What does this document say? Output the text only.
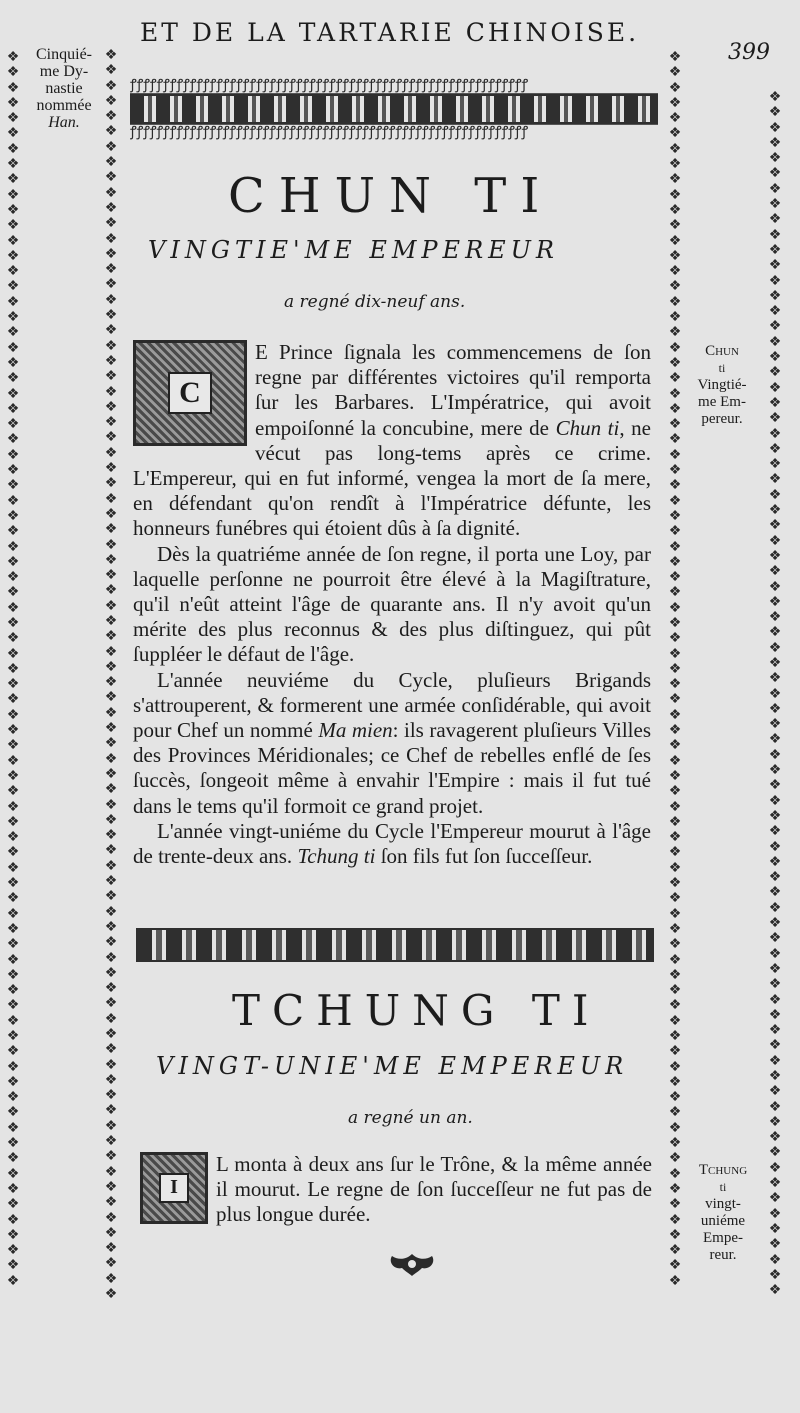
ET DE LA TARTARIE CHINOISE.
399
❖
❖
❖
❖
❖
❖
❖
❖
❖
❖
❖
❖
❖
❖
❖
❖
❖
❖
❖
❖
❖
❖
❖
❖
❖
❖
❖
❖
❖
❖
❖
❖
❖
❖
❖
❖
❖
❖
❖
❖
❖
❖
❖
❖
❖
❖
❖
❖
❖
❖
❖
❖
❖
❖
❖
❖
❖
❖
❖
❖
❖
❖
❖
❖
❖
❖
❖
❖
❖
❖
❖
❖
❖
❖
❖
❖
❖
❖
❖
❖
❖
❖
❖
❖
❖
❖
❖
❖
❖
❖
❖
❖
❖
❖
❖
❖
❖
❖
❖
❖
❖
❖
❖
❖
❖
❖
❖
❖
❖
❖
❖
❖
❖
❖
❖
❖
❖
❖
❖
❖
❖
❖
❖
❖
❖
❖
❖
❖
❖
❖
❖
❖
❖
❖
❖
❖
❖
❖
❖
❖
❖
❖
❖
❖
❖
❖
❖
❖
❖
❖
❖
❖
❖
❖
❖
❖
❖
❖
❖
❖
❖
❖
❖
❖
❖
❖
❖
❖
❖
❖
❖
❖
❖
❖
❖
❖
❖
❖
❖
❖
❖
❖
❖
❖
❖
❖
❖
❖
❖
❖
❖
❖
❖
❖
❖
❖
❖
❖
❖
❖
❖
❖
❖
❖
❖
❖
❖
❖
❖
❖
❖
❖
❖
❖
❖
❖
❖
❖
❖
❖
❖
❖
❖
❖
❖
❖
❖
❖
❖
❖
❖
❖
❖
❖
❖
❖
❖
❖
❖
❖
❖
❖
❖
❖
❖
❖
❖
❖
❖
❖
❖
❖
❖
❖
❖
❖
❖
❖
❖
❖
❖
❖
❖
❖
❖
❖
❖
❖
❖
❖
❖
❖
❖
❖
❖
❖
❖
❖
❖
❖
❖
❖
❖
❖
❖
❖
❖
❖
❖
❖
❖
❖
❖
❖
❖
❖
❖
❖
❖
❖
❖
❖
❖
❖
❖
❖
❖
❖
❖
❖
❖
❖
❖
❖
❖
❖
❖
❖
❖
❖
❖
❖
❖
Cinquié-
me Dy-
nastie
nommée
Han.
ꝭꝭꝭꝭꝭꝭꝭꝭꝭꝭꝭꝭꝭꝭꝭꝭꝭꝭꝭꝭꝭꝭꝭꝭꝭꝭꝭꝭꝭꝭꝭꝭꝭꝭꝭꝭꝭꝭꝭꝭꝭꝭꝭꝭꝭꝭꝭꝭꝭꝭꝭꝭꝭꝭꝭꝭꝭꝭꝭꝭ
ꝭꝭꝭꝭꝭꝭꝭꝭꝭꝭꝭꝭꝭꝭꝭꝭꝭꝭꝭꝭꝭꝭꝭꝭꝭꝭꝭꝭꝭꝭꝭꝭꝭꝭꝭꝭꝭꝭꝭꝭꝭꝭꝭꝭꝭꝭꝭꝭꝭꝭꝭꝭꝭꝭꝭꝭꝭꝭꝭꝭ
CHUN TI
VINGTIE'ME EMPEREUR
a regné dix-neuf ans.

C
E Prince ſignala les commencemens de ſon regne par différentes victoires qu'il remporta ſur les Barbares. L'Impératrice, qui avoit empoiſonné la concubine, mere de Chun ti, ne vécut pas long-tems après ce crime. L'Empereur, qui en fut informé, vengea la mort de ſa mere, en défendant qu'on rendît à l'Impératrice défunte, les honneurs funébres qui étoient dûs à ſa dignité.

Dès la quatriéme année de ſon regne, il porta une Loy, par laquelle perſonne ne pourroit être élevé à la Magiſtrature, qu'il n'eût atteint l'âge de quarante ans. Il n'y avoit qu'un mérite des plus reconnus & des plus diſtinguez, qui pût ſuppléer le défaut de l'âge.

L'année neuviéme du Cycle, pluſieurs Brigands s'attrouperent, & formerent une armée conſidérable, qui avoit pour Chef un nommé Ma mien: ils ravagerent pluſieurs Villes des Provinces Méridionales; ce Chef de rebelles enflé de ſes ſuccès, ſongeoit même à envahir l'Empire : mais il fut tué dans le tems qu'il formoit ce grand projet.

L'année vingt-uniéme du Cycle l'Empereur mourut à l'âge de trente-deux ans. Tchung ti ſon fils fut ſon ſucceſſeur.

Chun
ti
Vingtié-
me Em-
pereur.
TCHUNG TI
VINGT-UNIE'ME EMPEREUR
a regné un an.

I
L monta à deux ans ſur le Trône, & la même année il mourut. Le regne de ſon ſucceſſeur ne fut pas de plus longue durée.

Tchung
ti
vingt-
uniéme
Empe-
reur.
